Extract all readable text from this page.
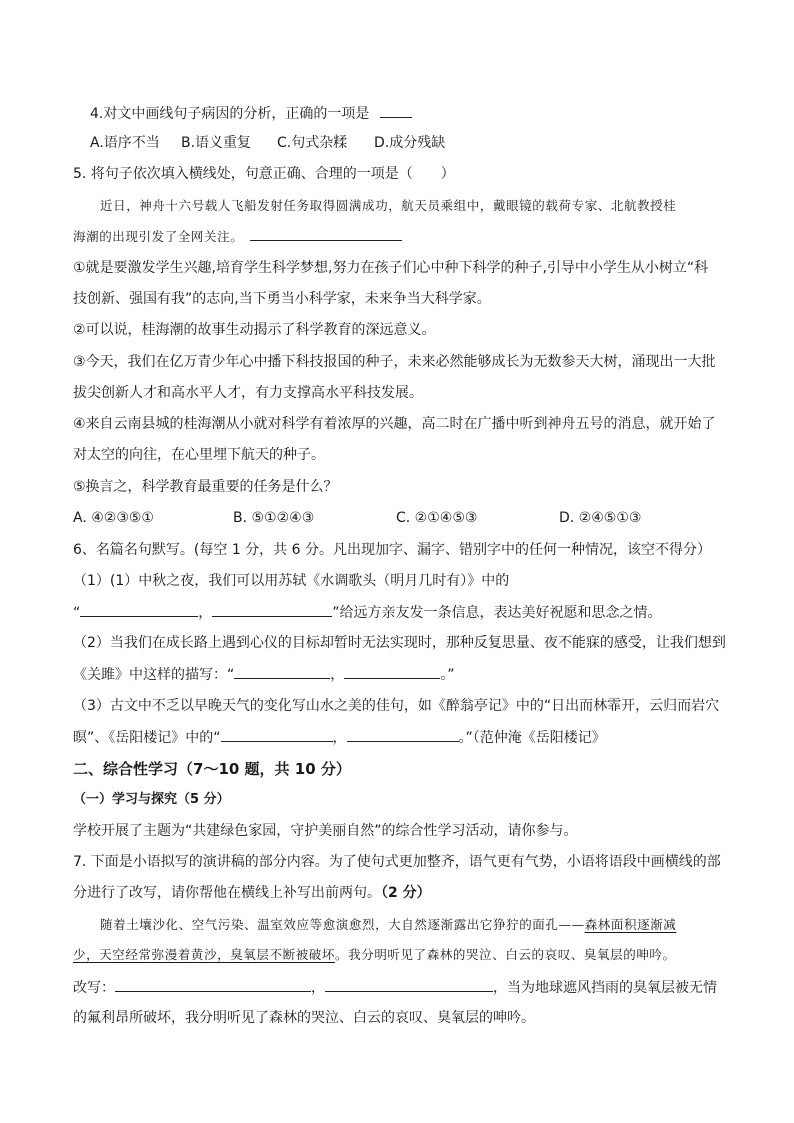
4.对文中画线句子病因的分析，正确的一项是
A.语序不当 B.语义重复 C.句式杂糅 D.成分残缺
5. 将句子依次填入横线处，句意正确、合理的一项是（　　）
近日，神舟十六号载人飞船发射任务取得圆满成功，航天员乘组中，戴眼镜的载荷专家、北航教授桂
海潮的出现引发了全网关注。
①就是要激发学生兴趣,培育学生科学梦想,努力在孩子们心中种下科学的种子,引导中小学生从小树立“科
技创新、强国有我”的志向,当下勇当小科学家，未来争当大科学家。
②可以说，桂海潮的故事生动揭示了科学教育的深远意义。
③今天，我们在亿万青少年心中播下科技报国的种子，未来必然能够成长为无数参天大树，涌现出一大批
拔尖创新人才和高水平人才，有力支撑高水平科技发展。
④来自云南县城的桂海潮从小就对科学有着浓厚的兴趣，高二时在广播中听到神舟五号的消息，就开始了
对太空的向往，在心里埋下航天的种子。
⑤换言之，科学教育最重要的任务是什么？
A. ④②③⑤①	B. ⑤①②④③	C. ②①④⑤③	D. ②④⑤①③
6、名篇名句默写。(每空 1 分，共 6 分。凡出现加字、漏字、错别字中的任何一种情况，该空不得分）
（1）(1）中秋之夜，我们可以用苏轼《水调歌头（明月几时有）》中的
“	，	”给远方亲友发一条信息，表达美好祝愿和思念之情。
（2）当我们在成长路上遇到心仪的目标却暂时无法实现时，那种反复思量、夜不能寐的感受，让我们想到
《关雎》中这样的描写：“	，	。”
（3）古文中不乏以早晚天气的变化写山水之美的佳句，如《醉翁亭记》中的“日出而林霏开，云归而岩穴
暝”、《岳阳楼记》中的“	，	。”（范仲淹《岳阳楼记》
二、综合性学习（7～10 题，共 10 分）
（一）学习与探究（5 分）
学校开展了主题为“共建绿色家园，守护美丽自然”的综合性学习活动，请你参与。
7. 下面是小语拟写的演讲稿的部分内容。为了使句式更加整齐，语气更有气势，小语将语段中画横线的部
分进行了改写，请你帮他在横线上补写出前两句。（2 分）
随着土壤沙化、空气污染、温室效应等愈演愈烈，大自然逐渐露出它狰狞的面孔——森林面积逐渐减
少，天空经常弥漫着黄沙，臭氧层不断被破坏。我分明听见了森林的哭泣、白云的哀叹、臭氧层的呻吟。
改写：	，	，当为地球遮风挡雨的臭氧层被无情
的氟利昂所破坏，我分明听见了森林的哭泣、白云的哀叹、臭氧层的呻吟。
